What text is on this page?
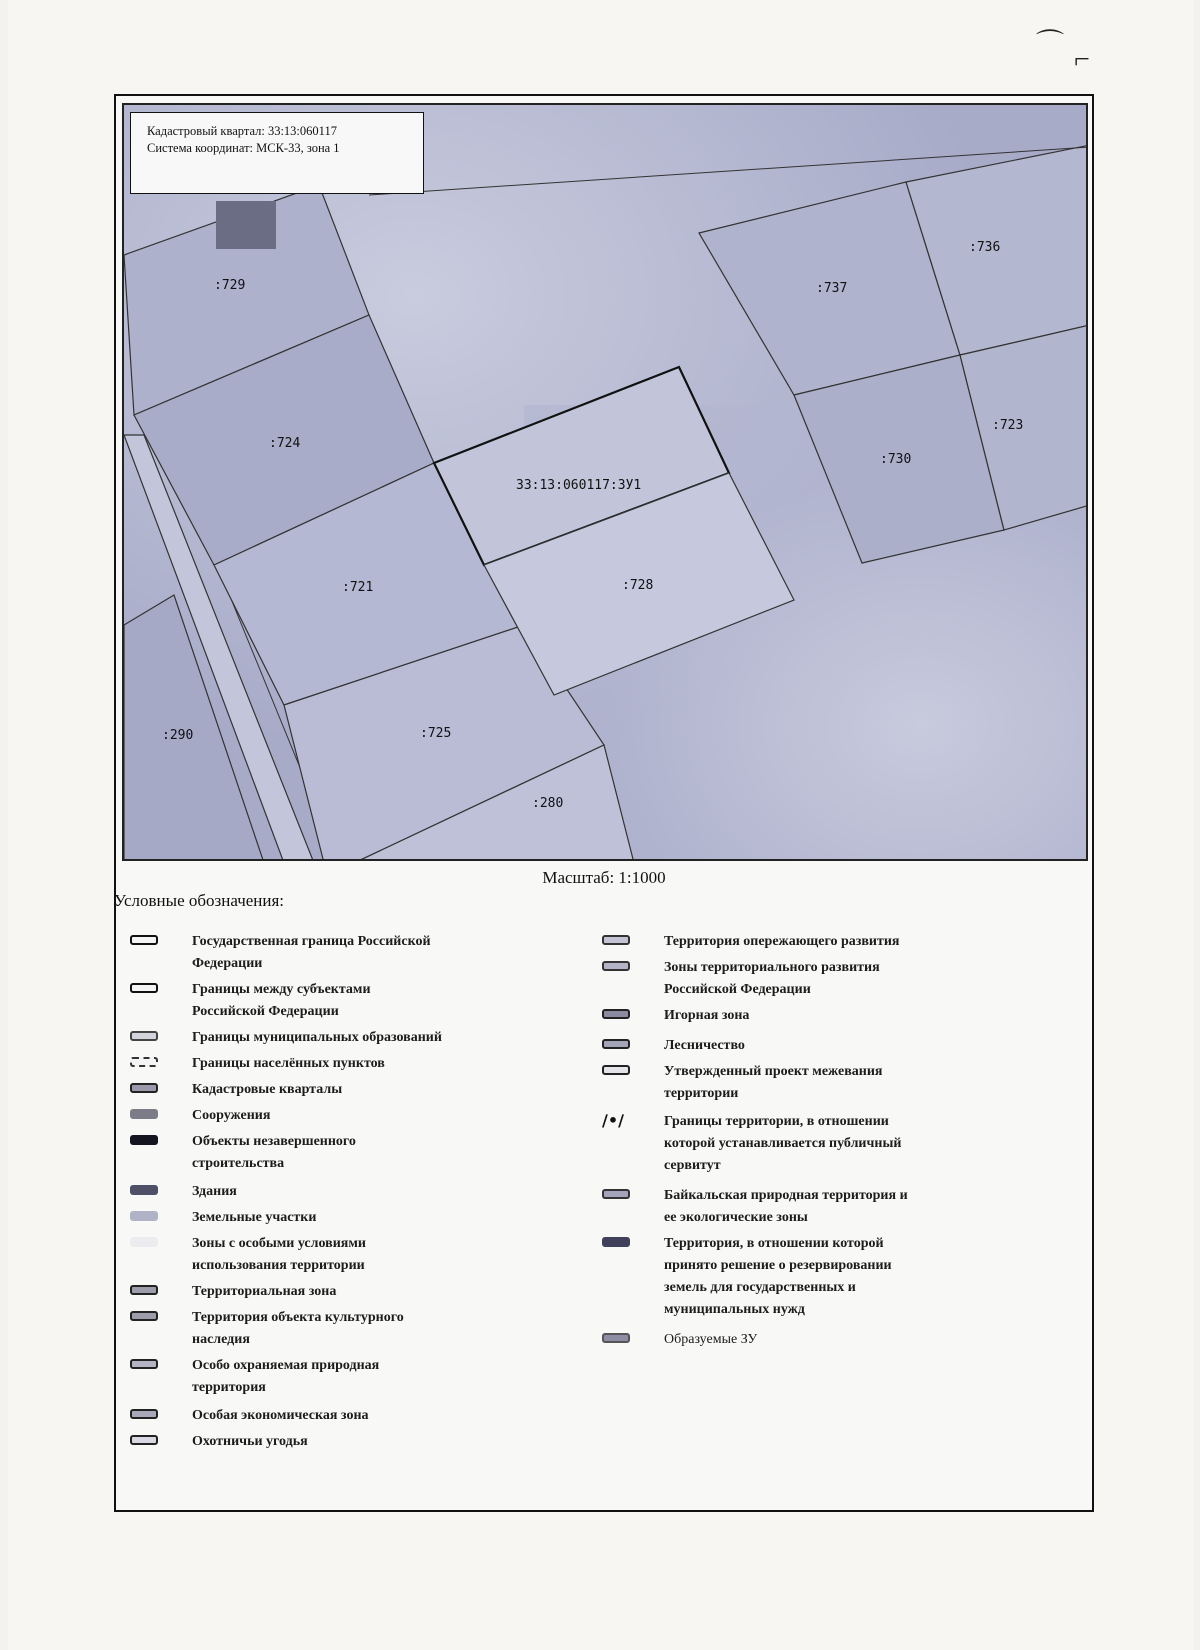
⌒ ⌐
:729
:724
:721
:725
:280
:290
33:13:060117:ЗУ1
:728
:737
:736
:730
:723
Кадастровый квартал: 33:13:060117
Система координат: МСК-33, зона 1
Масштаб: 1:1000
Условные обозначения:
Государственная граница Российской
Федерации
Границы между субъектами
Российской Федерации
Границы муниципальных образований
Границы населённых пунктов
Кадастровые кварталы
Сооружения
Объекты незавершенного
строительства
Здания
Земельные участки
Зоны с особыми условиями
использования территории
Территориальная зона
Территория объекта культурного
наследия
Особо охраняемая природная
территория
Особая экономическая зона
Охотничьи угодья
Территория опережающего развития
Зоны территориального развития
Российской Федерации
Игорная зона
Лесничество
Утвержденный проект межевания
территории
∕•∕	Границы территории, в отношении
которой устанавливается публичный
сервитут
Байкальская природная территория и
ее экологические зоны
Территория, в отношении которой
принято решение о резервировании
земель для государственных и
муниципальных нужд
Образуемые ЗУ
